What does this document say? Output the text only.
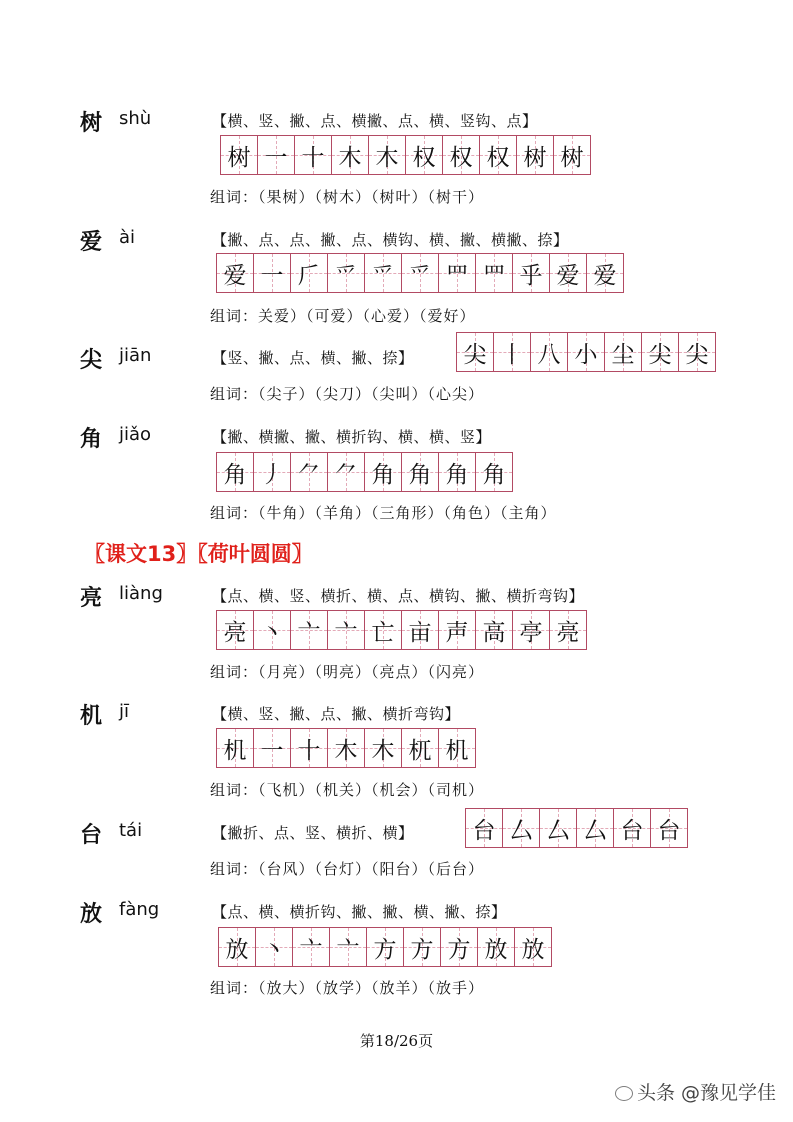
树 shù	【横、竖、撇、点、横撇、点、横、竖钩、点】
树 一 十 木 木 权 权 权 树 树
组词：（果树）（树木）（树叶）（树干）
爱 ài	【撇、点、点、撇、点、横钩、横、撇、横撇、捺】
爱 一 𠂆 爫 爫 爫 罒 罒 乎 爱 爱
组词：关爱）（可爱）（心爱）（爱好）
尖 jiān	【竖、撇、点、横、撇、捺】 尖 丨 八 小 尘 尖 尖
组词：（尖子）（尖刀）（尖叫）（心尖）
角 jiǎo	【撇、横撇、撇、横折钩、横、横、竖】
角 丿 ⺈ ⺈ 角 角 角 角
组词：（牛角）（羊角）（三角形）（角色）（主角）
亮 liàng	【点、横、竖、横折、横、点、横钩、撇、横折弯钩】
亮 丶 亠 亠 亡 亩 声 高 亭 亮
组词：（月亮）（明亮）（亮点）（闪亮）
机 jī	【横、竖、撇、点、撇、横折弯钩】
机 一 十 木 木 杌 机
组词：（飞机）（机关）（机会）（司机）
台 tái	【撇折、点、竖、横折、横】	台 厶 厶 厶 台 台
组词：（台风）（台灯）（阳台）（后台）
放 fàng	【点、横、横折钩、撇、撇、横、撇、捺】
放 丶 亠 亠 方 方 方 放 放
组词：（放大）（放学）（放羊）（放手）
〖课文13〗〖荷叶圆圆〗
第18/26页
头条 @豫见学佳
